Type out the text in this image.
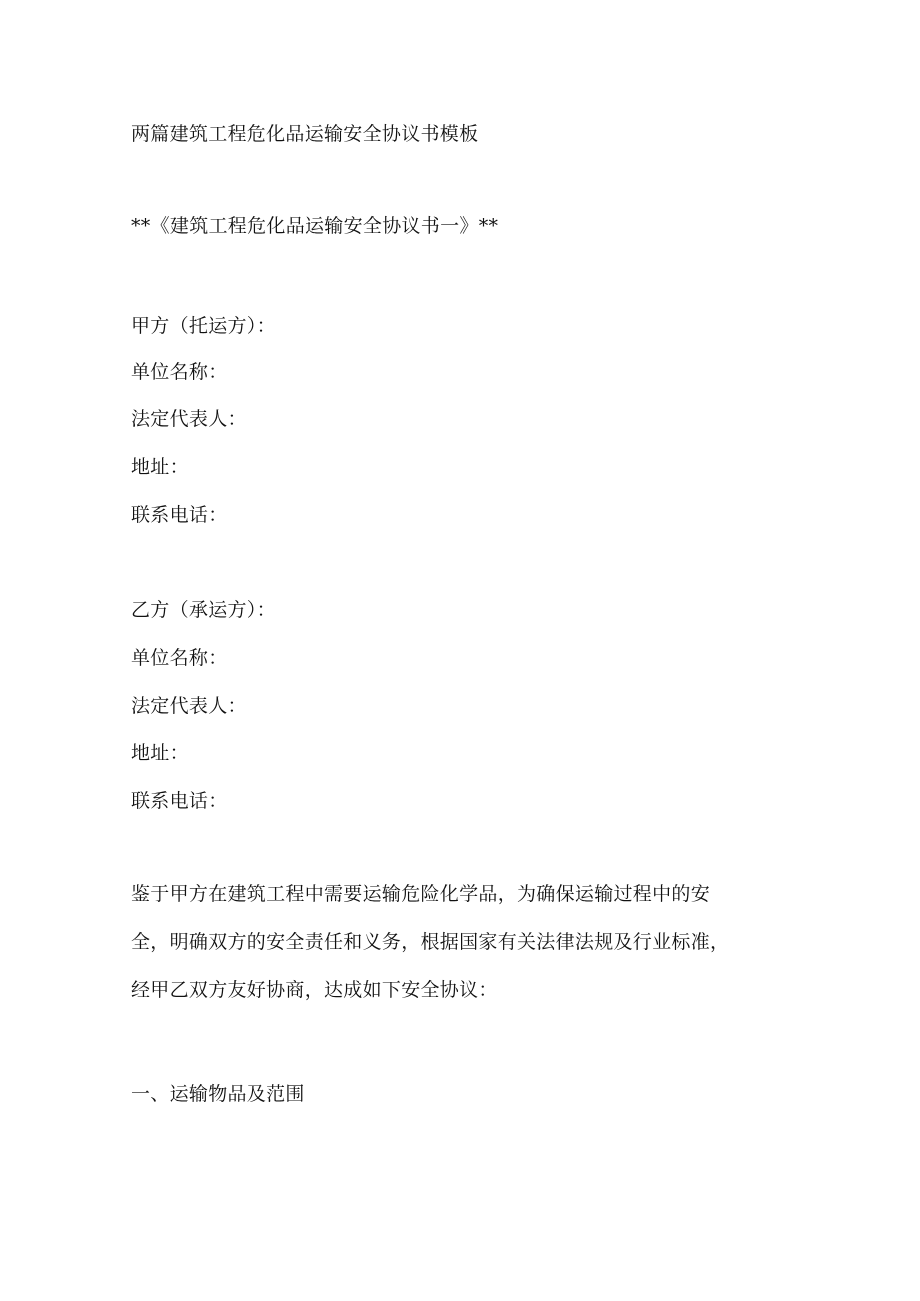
两篇建筑工程危化品运输安全协议书模板
**《建筑工程危化品运输安全协议书一》**
甲方（托运方）：
单位名称：
法定代表人：
地址：
联系电话：
乙方（承运方）：
单位名称：
法定代表人：
地址：
联系电话：
鉴于甲方在建筑工程中需要运输危险化学品，为确保运输过程中的安
全，明确双方的安全责任和义务，根据国家有关法律法规及行业标准，
经甲乙双方友好协商，达成如下安全协议：
一、运输物品及范围
